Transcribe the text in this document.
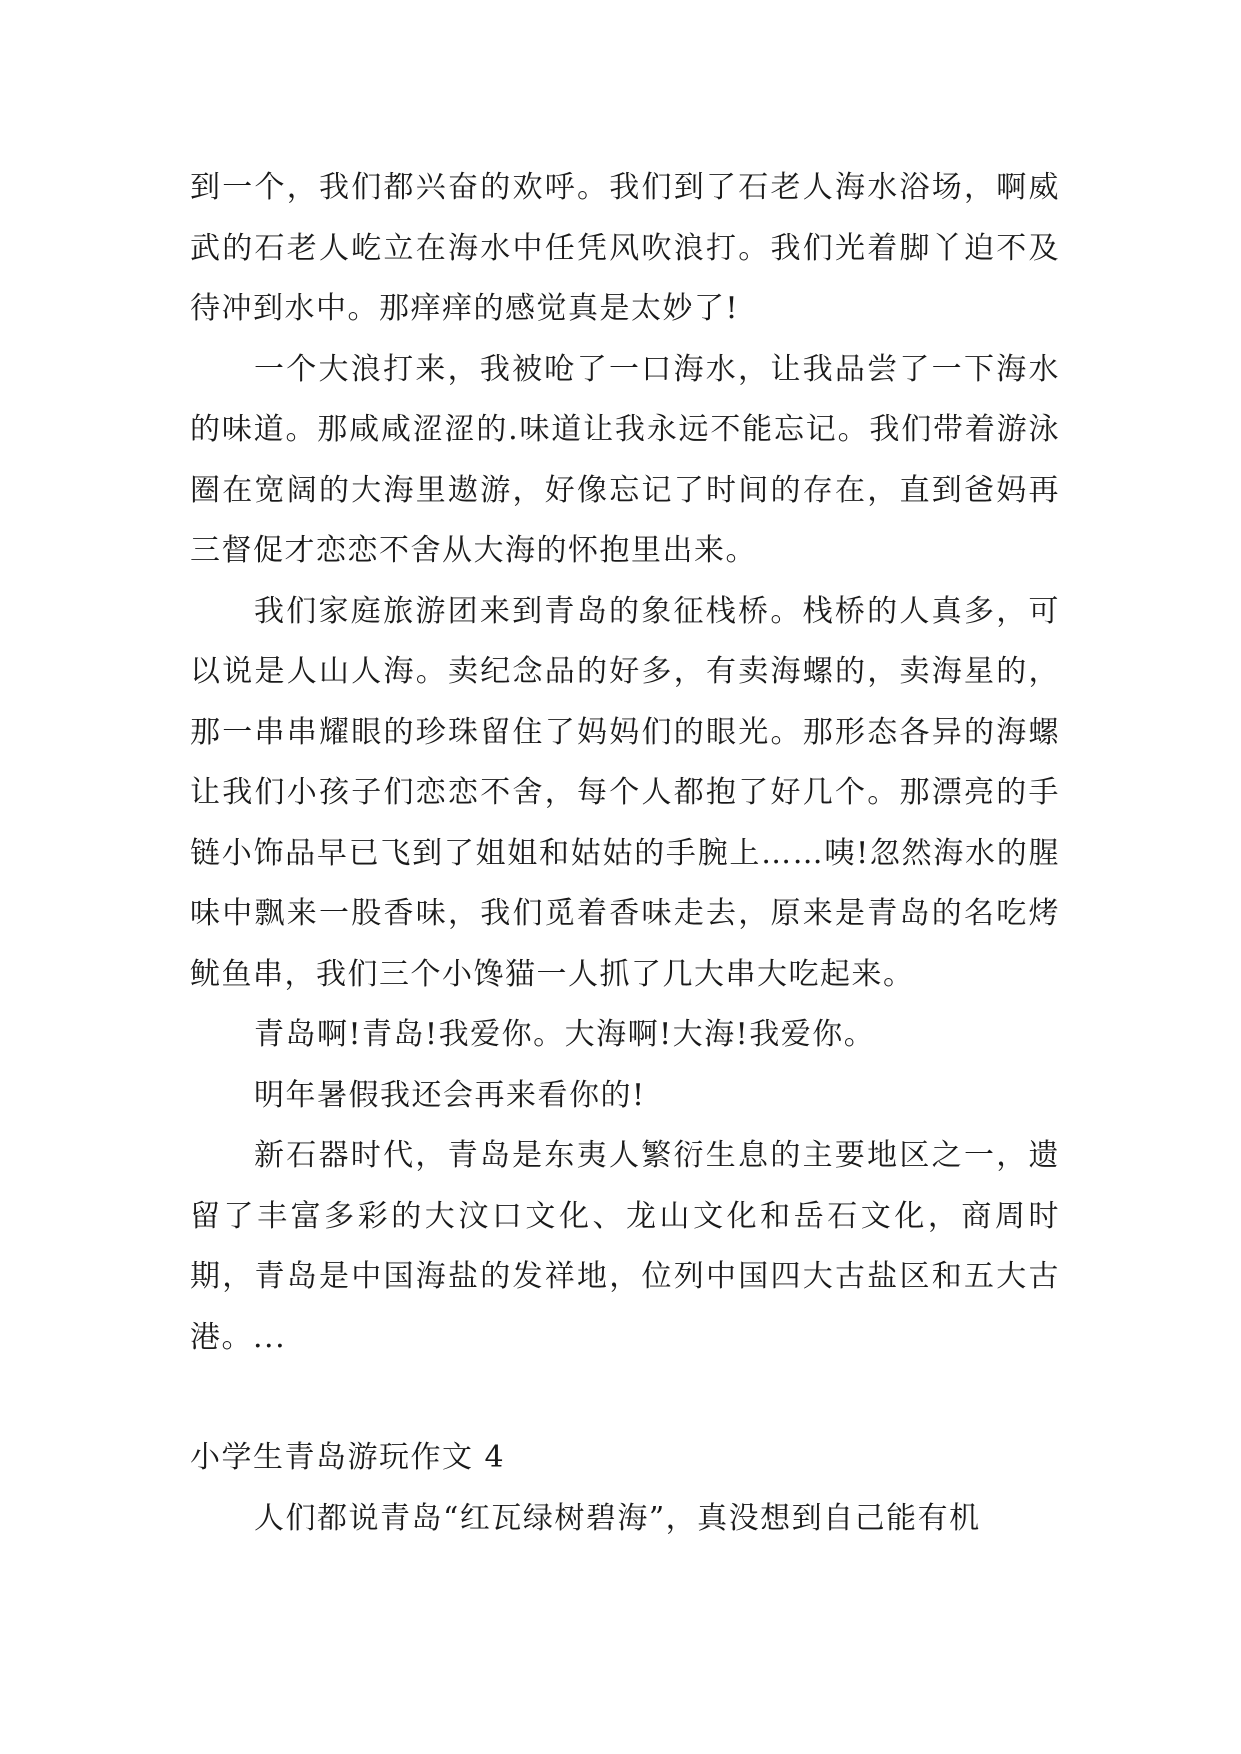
到一个，我们都兴奋的欢呼。我们到了石老人海水浴场，啊威武的石老人屹立在海水中任凭风吹浪打。我们光着脚丫迫不及待冲到水中。那痒痒的感觉真是太妙了!

一个大浪打来，我被呛了一口海水，让我品尝了一下海水的味道。那咸咸涩涩的.味道让我永远不能忘记。我们带着游泳圈在宽阔的大海里遨游，好像忘记了时间的存在，直到爸妈再三督促才恋恋不舍从大海的怀抱里出来。

我们家庭旅游团来到青岛的象征栈桥。栈桥的人真多，可以说是人山人海。卖纪念品的好多，有卖海螺的，卖海星的，那一串串耀眼的珍珠留住了妈妈们的眼光。那形态各异的海螺让我们小孩子们恋恋不舍，每个人都抱了好几个。那漂亮的手链小饰品早已飞到了姐姐和姑姑的手腕上……咦!忽然海水的腥味中飘来一股香味，我们觅着香味走去，原来是青岛的名吃烤鱿鱼串，我们三个小馋猫一人抓了几大串大吃起来。

青岛啊!青岛!我爱你。大海啊!大海!我爱你。

明年暑假我还会再来看你的!

新石器时代，青岛是东夷人繁衍生息的主要地区之一，遗留了丰富多彩的大汶口文化、龙山文化和岳石文化，商周时期，青岛是中国海盐的发祥地，位列中国四大古盐区和五大古港。...

小学生青岛游玩作文 4

人们都说青岛“红瓦绿树碧海”，真没想到自己能有机
